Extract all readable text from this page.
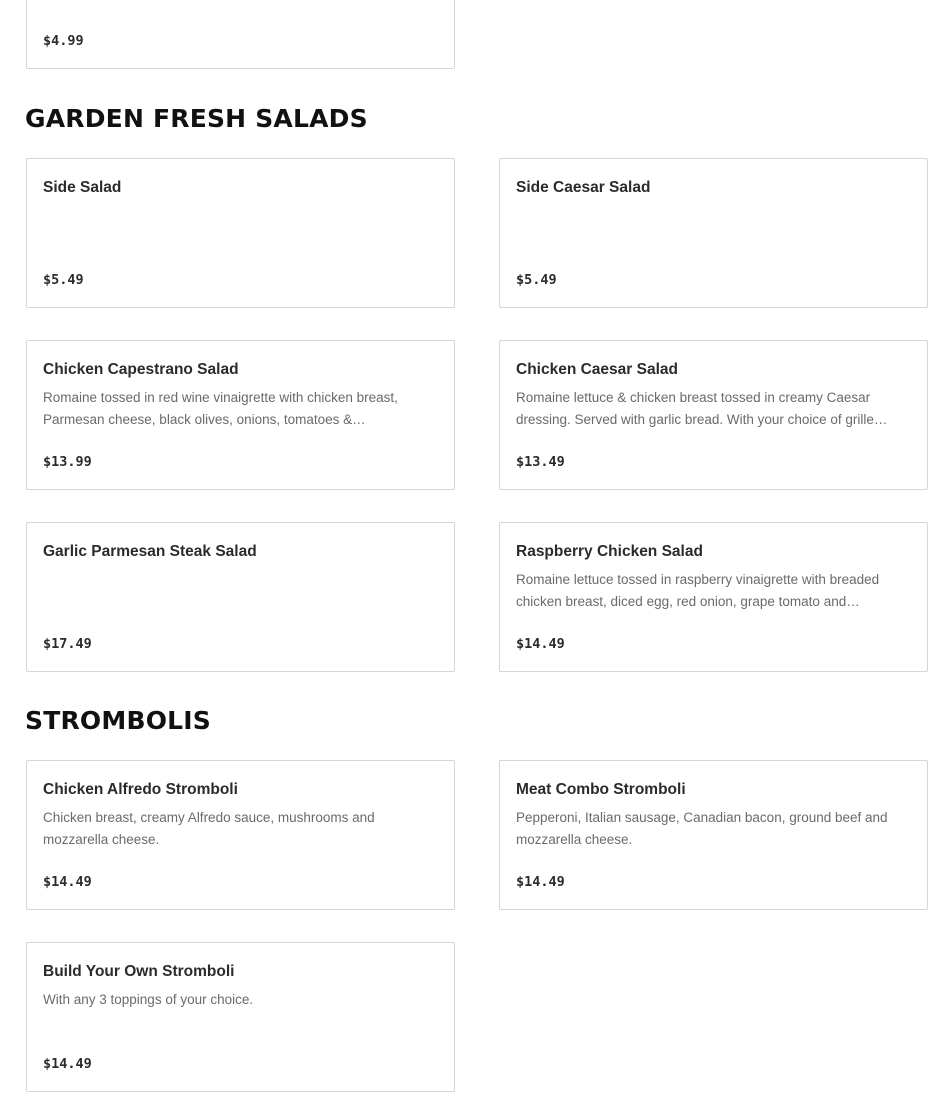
$4.99
GARDEN FRESH SALADS
Side Salad
$5.49
Side Caesar Salad
$5.49
Chicken Capestrano Salad
Romaine tossed in red wine vinaigrette with chicken breast, Parmesan cheese, black olives, onions, tomatoes &…
$13.99
Chicken Caesar Salad
Romaine lettuce & chicken breast tossed in creamy Caesar dressing. Served with garlic bread. With your choice of grille…
$13.49
Garlic Parmesan Steak Salad
$17.49
Raspberry Chicken Salad
Romaine lettuce tossed in raspberry vinaigrette with breaded chicken breast, diced egg, red onion, grape tomato and…
$14.49
STROMBOLIS
Chicken Alfredo Stromboli
Chicken breast, creamy Alfredo sauce, mushrooms and mozzarella cheese.
$14.49
Meat Combo Stromboli
Pepperoni, Italian sausage, Canadian bacon, ground beef and mozzarella cheese.
$14.49
Build Your Own Stromboli
With any 3 toppings of your choice.
$14.49
